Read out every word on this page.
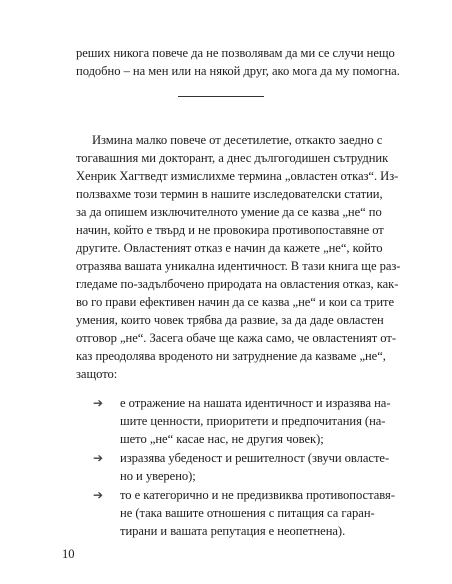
реших никога повече да не позволявам да ми се случи нещо

подобно – на мен или на някой друг, ако мога да му помогна.

Измина малко повече от десетилетие, откакто заедно с

тогавашния ми докторант, а днес дългогодишен сътрудник

Хенрик Хагтведт измислихме термина „овластен отказ“. Из-

ползвахме този термин в нашите изследователски статии,

за да опишем изключителното умение да се казва „не“ по

начин, който е твърд и не провокира противопоставяне от

другите. Овластеният отказ е начин да кажете „не“, който

отразява вашата уникална идентичност. В тази книга ще раз-

гледаме по-задълбочено природата на овластения отказ, как-

во го прави ефективен начин да се казва „не“ и кои са трите

умения, които човек трябва да развие, за да даде овластен

отговор „не“. Засега обаче ще кажа само, че овластеният от-

каз преодолява вроденото ни затруднение да казваме „не“,

защото:

➔ е отражение на нашата идентичност и изразява на-

шите ценности, приоритети и предпочитания (на-

шето „не“ касае нас, не другия човек);

➔ изразява убеденост и решителност (звучи овласте-

но и уверено);

➔ то е категорично и не предизвиква противопоставя-

не (така вашите отношения с питащия са гаран-

тирани и вашата репутация е неопетнена).

10
